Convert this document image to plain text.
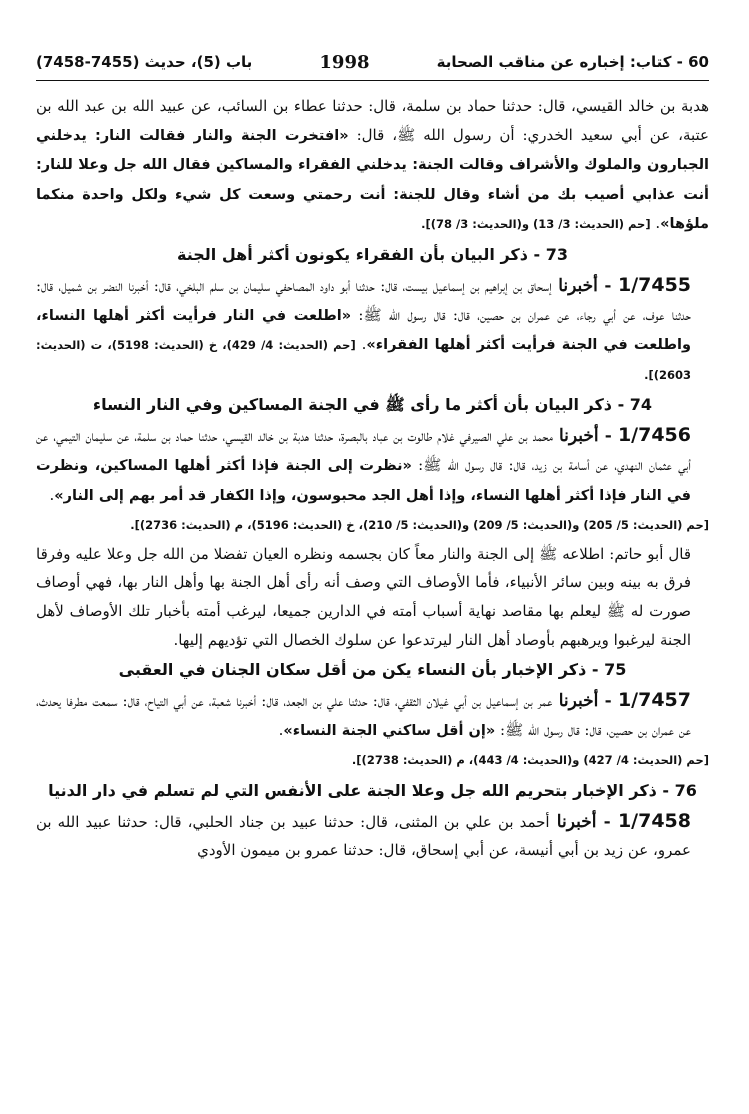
60 - كتاب: إخباره عن مناقب الصحابة
1998
باب (5)، حديث (7455-7458)

هدبة بن خالد القيسي، قال: حدثنا حماد بن سلمة، قال: حدثنا عطاء بن السائب، عن عبيد الله بن عبد الله بن عتبة، عن أبي سعيد الخدري: أن رسول الله ﷺ، قال: «افتخرت الجنة والنار فقالت النار: يدخلني الجبارون والملوك والأشراف وقالت الجنة: يدخلني الفقراء والمساكين فقال الله جل وعلا للنار: أنت عذابي أصيب بك من أشاء وقال للجنة: أنت رحمتي وسعت كل شيء ولكل واحدة منكما ملؤها». [حم (الحديث: 3/ 13) و(الحديث: 3/ 78)].

73 - ذكر البيان بأن الفقراء يكونون أكثر أهل الجنة

1/7455 - أخبرنا إسحاق بن إبراهيم بن إسماعيل بيست، قال: حدثنا أبو داود المصاحفي سليمان بن سلم البلخي، قال: أخبرنا النضر بن شميل، قال: حدثنا عوف، عن أبي رجاء، عن عمران بن حصين، قال: قال رسول الله ﷺ: «اطلعت في النار فرأيت أكثر أهلها النساء، واطلعت في الجنة فرأيت أكثر أهلها الفقراء». [حم (الحديث: 4/ 429)، خ (الحديث: 5198)، ت (الحديث: 2603)].

74 - ذكر البيان بأن أكثر ما رأى ﷺ في الجنة المساكين وفي النار النساء

1/7456 - أخبرنا محمد بن علي الصيرفي غلام طالوت بن عباد بالبصرة، حدثنا هدبة بن خالد القيسي، حدثنا حماد بن سلمة، عن سليمان التيمي، عن أبي عثمان النهدي، عن أسامة بن زيد، قال: قال رسول الله ﷺ: «نظرت إلى الجنة فإذا أكثر أهلها المساكين، ونظرت في النار فإذا أكثر أهلها النساء، وإذا أهل الجد محبوسون، وإذا الكفار قد أمر بهم إلى النار».

[حم (الحديث: 5/ 205) و(الحديث: 5/ 209) و(الحديث: 5/ 210)، خ (الحديث: 5196)، م (الحديث: 2736)].

قال أبو حاتم: اطلاعه ﷺ إلى الجنة والنار معاً كان بجسمه ونظره العيان تفضلا من الله جل وعلا عليه وفرقا فرق به بينه وبين سائر الأنبياء، فأما الأوصاف التي وصف أنه رأى أهل الجنة بها وأهل النار بها، فهي أوصاف صورت له ﷺ ليعلم بها مقاصد نهاية أسباب أمته في الدارين جميعا، ليرغب أمته بأخبار تلك الأوصاف لأهل الجنة ليرغبوا ويرهبهم بأوصاد أهل النار ليرتدعوا عن سلوك الخصال التي تؤديهم إليها.

75 - ذكر الإخبار بأن النساء يكن من أقل سكان الجنان في العقبى

1/7457 - أخبرنا عمر بن إسماعيل بن أبي غيلان الثقفي، قال: حدثنا علي بن الجعد، قال: أخبرنا شعبة، عن أبي التياح، قال: سمعت مطرفا يحدث، عن عمران بن حصين، قال: قال رسول الله ﷺ: «إن أقل ساكني الجنة النساء».

[حم (الحديث: 4/ 427) و(الحديث: 4/ 443)، م (الحديث: 2738)].

76 - ذكر الإخبار بتحريم الله جل وعلا الجنة على الأنفس التي لم تسلم في دار الدنيا

1/7458 - أخبرنا أحمد بن علي بن المثنى، قال: حدثنا عبيد بن جناد الحلبي، قال: حدثنا عبيد الله بن عمرو، عن زيد بن أبي أنيسة، عن أبي إسحاق، قال: حدثنا عمرو بن ميمون الأودي
